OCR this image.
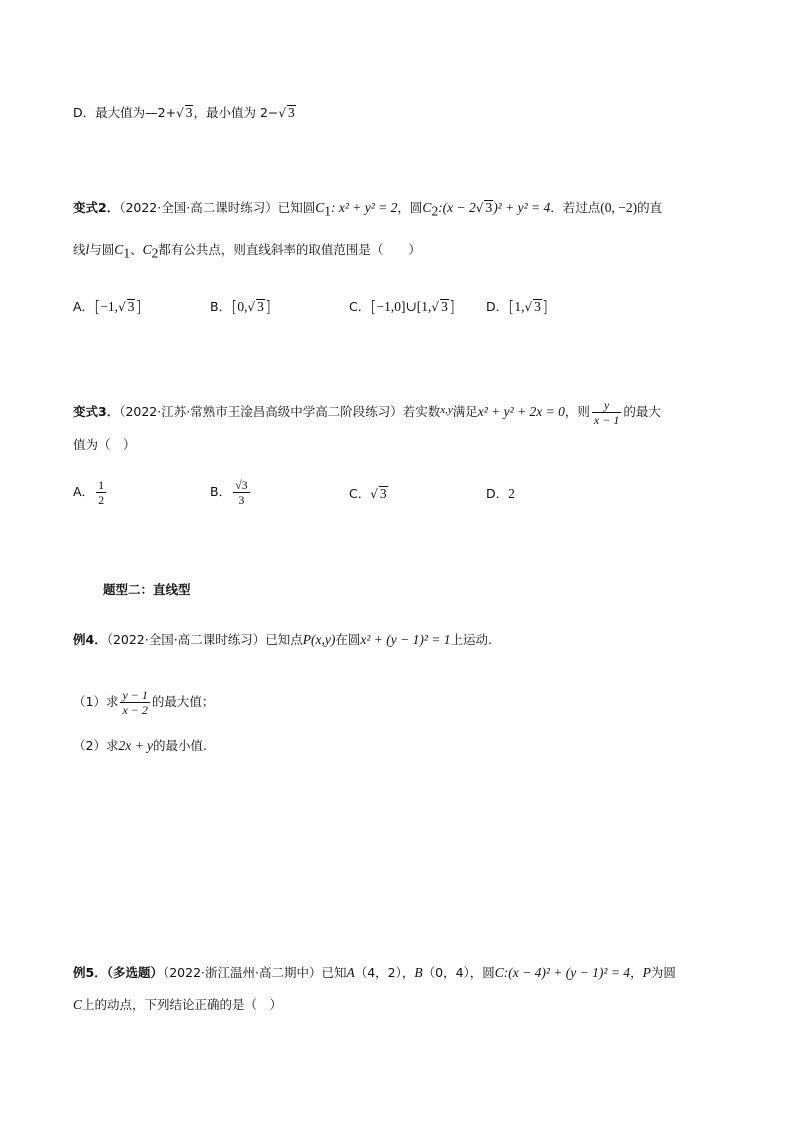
D．最大值为—2+√ 3，最小值为 2−√ 3
变式2．（2022·全国·高二课时练习）已知圆$C_1$: x² + y² = 2，圆$C_2:(x - 2√$ 3)² + y² = 4．若过点(0, −2)的直
线l与圆$C_1$、$C_2$都有公共点，则直线斜率的取值范围是（　　）
A．[−1,√ 3]	B．[0,√ 3]	C．[−1,0]∪[1,√ 3] D．[1,√ 3]
变式3．（2022·江苏·常熟市王淦昌高级中学高二阶段练习）若实数$^{x,y}$满足x² + y² + 2x = 0，则 $\frac{y}{x - 1}$ 的最大
值为（　）
A． $\frac{1}{2}$	B． $\frac{√3}{3}$	C．√ 3	D．2
题型二：直线型
例4．（2022·全国·高二课时练习）已知点P(x,y)在圆x² + (y − 1)² = 1上运动.
（1）求 $\frac{y - 1}{x - 2}$ 的最大值；
（2）求2x + y的最小值.
例5．（多选题）（2022·浙江温州·高二期中）已知A（4，2），B（0，4），圆C:(x − 4)² + (y − 1)² = 4，P为圆
C上的动点，下列结论正确的是（　）
